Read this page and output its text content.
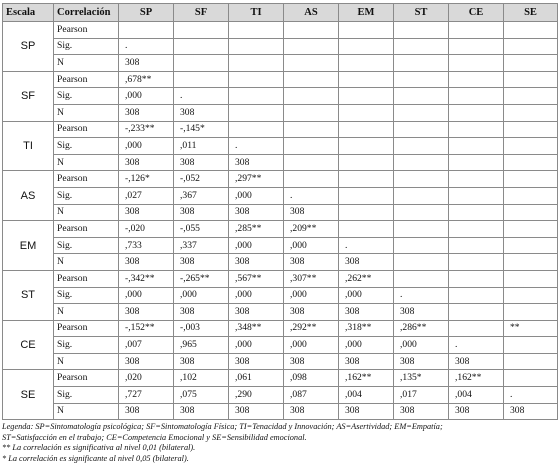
Escala	Correlación	SP	SF	TI	AS	EM	ST	CE	SE
SP	Pearson								
	Sig.	.							
	N	308							
SF	Pearson	,678**							
	Sig.	,000	.						
	N	308	308						
TI	Pearson	-,233**	-,145*						
	Sig.	,000	,011	.					
	N	308	308	308					
AS	Pearson	-,126*	-,052	,297**					
	Sig.	,027	,367	,000	.				
	N	308	308	308	308				
EM	Pearson	-,020	-,055	,285**	,209**				
	Sig.	,733	,337	,000	,000	.			
	N	308	308	308	308	308			
ST	Pearson	-,342**	-,265**	,567**	,307**	,262**			
	Sig.	,000	,000	,000	,000	,000	.		
	N	308	308	308	308	308	308		
CE	Pearson	-,152**	-,003	,348**	,292**	,318**	,286**		**
	Sig.	,007	,965	,000	,000	,000	,000	.	
	N	308	308	308	308	308	308	308	
SE	Pearson	,020	,102	,061	,098	,162**	,135*	,162**	
	Sig.	,727	,075	,290	,087	,004	,017	,004	.
	N	308	308	308	308	308	308	308	308
Legenda: SP=Sintomatología psicológica; SF=Sintomatología Física; TI=Tenacidad y Innovación; AS=Asertividad; EM=Empatía;
ST=Satisfacción en el trabajo; CE=Competencia Emocional y SE=Sensibilidad emocional.
** La correlación es significativa al nivel 0,01 (bilateral).
* La correlación es significante al nivel 0,05 (bilateral).
